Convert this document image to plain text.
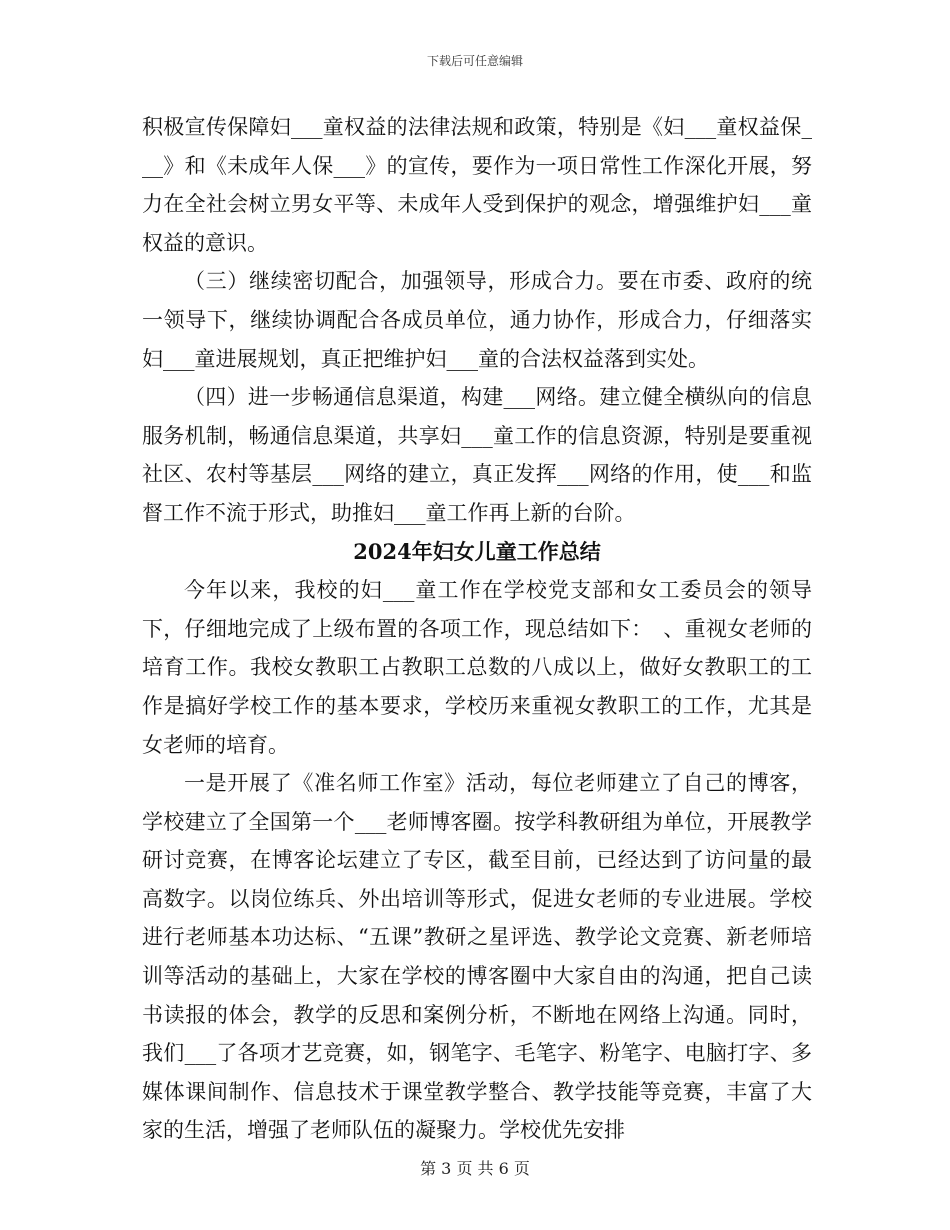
下载后可任意编辑

积极宣传保障妇___童权益的法律法规和政策，特别是《妇___童权益保___》和《未成年人保___》的宣传，要作为一项日常性工作深化开展，努力在全社会树立男女平等、未成年人受到保护的观念，增强维护妇___童权益的意识。

（三）继续密切配合，加强领导，形成合力。要在市委、政府的统一领导下，继续协调配合各成员单位，通力协作，形成合力，仔细落实妇___童进展规划，真正把维护妇___童的合法权益落到实处。

（四）进一步畅通信息渠道，构建___网络。建立健全横纵向的信息服务机制，畅通信息渠道，共享妇___童工作的信息资源，特别是要重视社区、农村等基层___网络的建立，真正发挥___网络的作用，使___和监督工作不流于形式，助推妇___童工作再上新的台阶。

2024年妇女儿童工作总结

今年以来，我校的妇___童工作在学校党支部和女工委员会的领导下，仔细地完成了上级布置的各项工作，现总结如下：　、重视女老师的培育工作。我校女教职工占教职工总数的八成以上，做好女教职工的工作是搞好学校工作的基本要求，学校历来重视女教职工的工作，尤其是女老师的培育。

一是开展了《准名师工作室》活动，每位老师建立了自己的博客，学校建立了全国第一个___老师博客圈。按学科教研组为单位，开展教学研讨竞赛，在博客论坛建立了专区，截至目前，已经达到了访问量的最高数字。以岗位练兵、外出培训等形式，促进女老师的专业进展。学校进行老师基本功达标、“五课”教研之星评选、教学论文竞赛、新老师培训等活动的基础上，大家在学校的博客圈中大家自由的沟通，把自己读书读报的体会，教学的反思和案例分析，不断地在网络上沟通。同时，我们___了各项才艺竞赛，如，钢笔字、毛笔字、粉笔字、电脑打字、多媒体课间制作、信息技术于课堂教学整合、教学技能等竞赛，丰富了大家的生活，增强了老师队伍的凝聚力。学校优先安排

第 3 页 共 6 页
